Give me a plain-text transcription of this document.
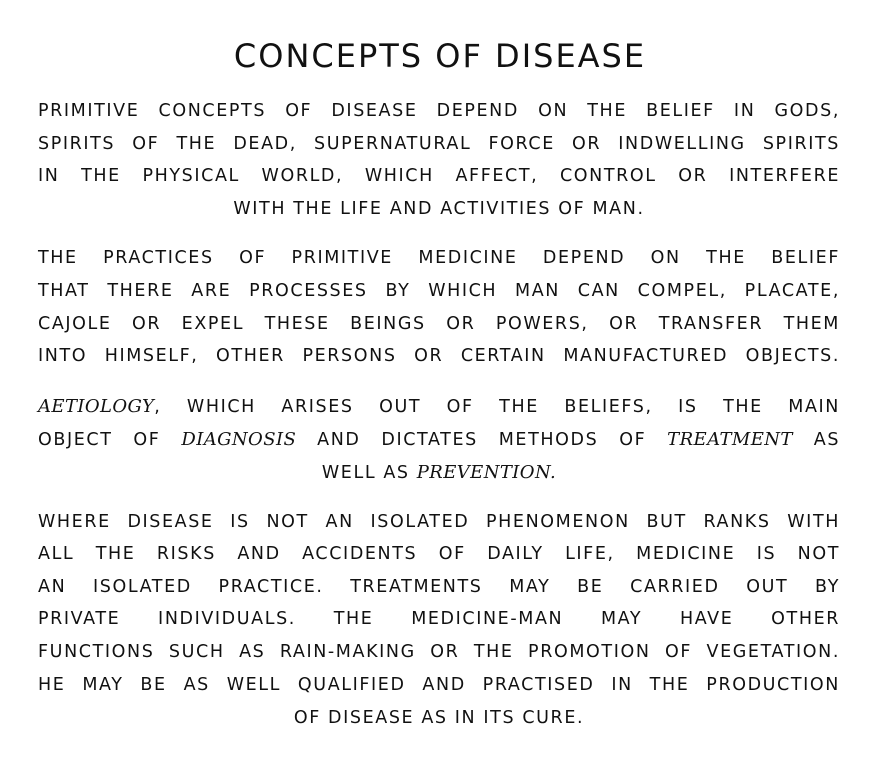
CONCEPTS OF DISEASE
PRIMITIVE CONCEPTS OF DISEASE DEPEND ON THE BELIEF IN GODS,
SPIRITS OF THE DEAD, SUPERNATURAL FORCE OR INDWELLING SPIRITS
IN THE PHYSICAL WORLD, WHICH AFFECT, CONTROL OR INTERFERE
WITH THE LIFE AND ACTIVITIES OF MAN.
THE PRACTICES OF PRIMITIVE MEDICINE DEPEND ON THE BELIEF
THAT THERE ARE PROCESSES BY WHICH MAN CAN COMPEL, PLACATE,
CAJOLE OR EXPEL THESE BEINGS OR POWERS, OR TRANSFER THEM
INTO HIMSELF, OTHER PERSONS OR CERTAIN MANUFACTURED OBJECTS.
AETIOLOGY, WHICH ARISES OUT OF THE BELIEFS, IS THE MAIN
OBJECT OF DIAGNOSIS AND DICTATES METHODS OF TREATMENT AS
WELL AS PREVENTION.
WHERE DISEASE IS NOT AN ISOLATED PHENOMENON BUT RANKS WITH
ALL THE RISKS AND ACCIDENTS OF DAILY LIFE, MEDICINE IS NOT
AN ISOLATED PRACTICE. TREATMENTS MAY BE CARRIED OUT BY
PRIVATE INDIVIDUALS. THE MEDICINE-MAN MAY HAVE OTHER
FUNCTIONS SUCH AS RAIN-MAKING OR THE PROMOTION OF VEGETATION.
HE MAY BE AS WELL QUALIFIED AND PRACTISED IN THE PRODUCTION
OF DISEASE AS IN ITS CURE.
